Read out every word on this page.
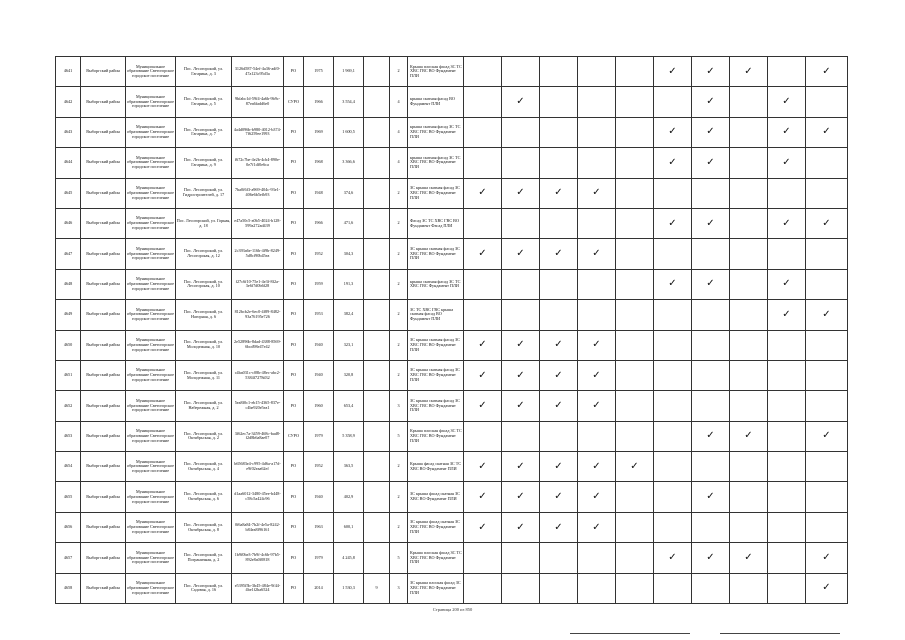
4641	Выборгский район	Муниципальное образование Светогорское городское поселение	Пос. Лесогорский, ул. Гагарина, д. 3	3126d587-54ef-4a36-adf0-47a123c95d3a	РО	1975	1 969,1		2	Крыша плоская фасад ЗС ТС ХВС ГВС ВО Фундамент ПЛИ						✓	✓	✓		✓
4642	Выборгский район	Муниципальное образование Светогорское городское поселение	Пос. Лесогорский, ул. Гагарина, д. 5	9bfabc1d-59f4-4a6b-9b9c-87ea6fadd6e0	СУРО	1966	3 554,4		4	крыша скатная фасад ВО Фундамент ПЛИ		✓					✓		✓	
4643	Выборгский район	Муниципальное образование Светогорское городское поселение	Пос. Лесогорский, ул. Гагарина, д. 7	4a4d096b-b980-4012-b374-7f6259ee1993	РО	1969	1 600,5		4	крыша скатная фасад ЗС ТС ХВС ГВС ВО Фундамент ПЛИ						✓	✓		✓	✓
4644	Выборгский район	Муниципальное образование Светогорское городское поселение	Пос. Лесогорский, ул. Гагарина, д. 9	f672c7be-4e2b-4cb4-890e-0e7f1df0e6ca	РО	1968	3 366,6		4	крыша скатная фасад ЗС ТС ХВС ГВС ВО Фундамент ПЛИ						✓	✓		✓	
4645	Выборгский район	Муниципальное образование Светогорское городское поселение	Пос. Лесогорский, ул. Гидростроителей, д. 17	7ba0f6f3-a969-404c-93e1-406e6b5efb93	РО	1948	374,6		2	ЗС крыша скатная фасад ЗС ХВС ГВС ВО Фундамент ПЛИ	✓	✓	✓	✓						
4646	Выборгский район	Муниципальное образование Светогорское городское поселение	Пос. Лесогорский, ул. Горная, д. 18	e47a50c5-a0b5-4024-b128-599a272ad439	РО	1966	471,6		2	Фасад ЗС ТС ХВС ГВС ВО Фундамент Фасад ПЛИ						✓	✓		✓	✓
4647	Выборгский район	Муниципальное образование Светогорское городское поселение	Пос. Лесогорский, ул. Лесогорская, д. 12	2c393a6e-116b-4f9b-8249-5d8cf90b45ea	РО	1952	304,3		2	ЗС крыша скатная фасад ЗС ХВС ГВС ВО Фундамент ПЛИ	✓	✓	✓	✓						
4648	Выборгский район	Муниципальное образование Светогорское городское поселение	Пос. Лесогорский, ул. Лесогорская, д. 10	f27c6f10-75e1-4e3f-8f2a-3e6f7d0b6f28	РО	1959	191,3		2	крыша скатная фасад ЗС ТС ХВС ГВС Фундамент ПЛИ						✓	✓		✓	
4649	Выборгский район	Муниципальное образование Светогорское городское поселение	Пос. Лесогорский, ул. Нагорная, д. 6	812bcb2e-6ec0-4f89-8482-93a76195e726	РО	1953	382,4		2	ЗС ТС ХВС ГВС крыша скатная фасад ВО Фундамент ПЛИ									✓	✓
4650	Выборгский район	Муниципальное образование Светогорское городское поселение	Пос. Лесогорский, ул. Молодежная, д. 10	2e52896b-8dad-4388-8569-6bcd98e47e42	РО	1940	323,1		2	ЗС крыша скатная фасад ЗС ХВС ГВС ВО Фундамент ПЛИ	✓	✓	✓	✓						
4651	Выборгский район	Муниципальное образование Светогорское городское поселение	Пос. Лесогорский, ул. Молодежная, д. 11	c4ba031c-c08b-48ec-abc2-5384f7278d32	РО	1940	320,8		2	ЗС крыша скатная фасад ЗС ХВС ГВС ВО Фундамент ПЛИ	✓	✓	✓	✓						
4652	Выборгский район	Муниципальное образование Светогорское городское поселение	Пос. Лесогорский, ул. Набережная, д. 2	5ea8f0c1-eb15-4365-837e-c4be920e5ea1	РО	1960	653,4		3	ЗС крыша скатная фасад ЗС ХВС ГВС ВО Фундамент ПЛИ	✓	✓	✓	✓						
4653	Выборгский район	Муниципальное образование Светогорское городское поселение	Пос. Лесогорский, ул. Октябрьская, д. 2	3f62ec7a-3459-468c-bad8-f2d8b6a8ae07	СУРО	1979	5 358,9		5	Крыша плоская фасад ЗС ТС ХВС ГВС ВО Фундамент ПЛИ							✓	✓		✓
4654	Выборгский район	Муниципальное образование Светогорское городское поселение	Пос. Лесогорский, ул. Октябрьская, д. 4	b65683e4-c995-4d6a-a17d-e9f02eaa62ef	РО	1952	363,5		2	Крыша фасад скатная ЗС ТС ХВС ВО Фундамент ПЛИ	✓	✓	✓	✓	✓					
4655	Выборгский район	Муниципальное образование Светогорское городское поселение	Пос. Лесогорский, ул. Октябрьская, д. 6	d1aa6012-3480-45ee-b448-c58c5a424c96	РО	1940	402,9		2	ЗС крыша фасад скатная ЗС ХВС ВО Фундамент ПЛИ	✓	✓	✓	✓			✓			
4656	Выборгский район	Муниципальное образование Светогорское городское поселение	Пос. Лесогорский, ул. Октябрьская, д. 8	0f6a8a84-7b2f-4e5a-8242-b84ea8f96161	РО	1963	600,1		2	ЗС крыша фасад скатная ЗС ХВС ГВС ВО Фундамент ПЛИ	✓	✓	✓	✓						
4657	Выборгский район	Муниципальное образование Светогорское городское поселение	Пос. Лесогорский, ул. Пограничная, д. 2	1b9f0be3-7b9f-4c6b-97b5-892e8a0f0818	РО	1979	4 245,8		5	Крыша плоская фасад ЗС ТС ХВС ГВС ВО Фундамент ПЛИ						✓	✓	✓		✓
4658	Выборгский район	Муниципальное образование Светогорское городское поселение	Пос. Лесогорский, ул. Садовая, д. 16	e5395f5b-3b45-484e-9f44-4be1f2ba6524	РО	2014	1 530,3	9	3	ЗС крыша плоская фасад ЗС ХВС ГВС ВО Фундамент ПЛИ										✓
Страница 200 из 850
